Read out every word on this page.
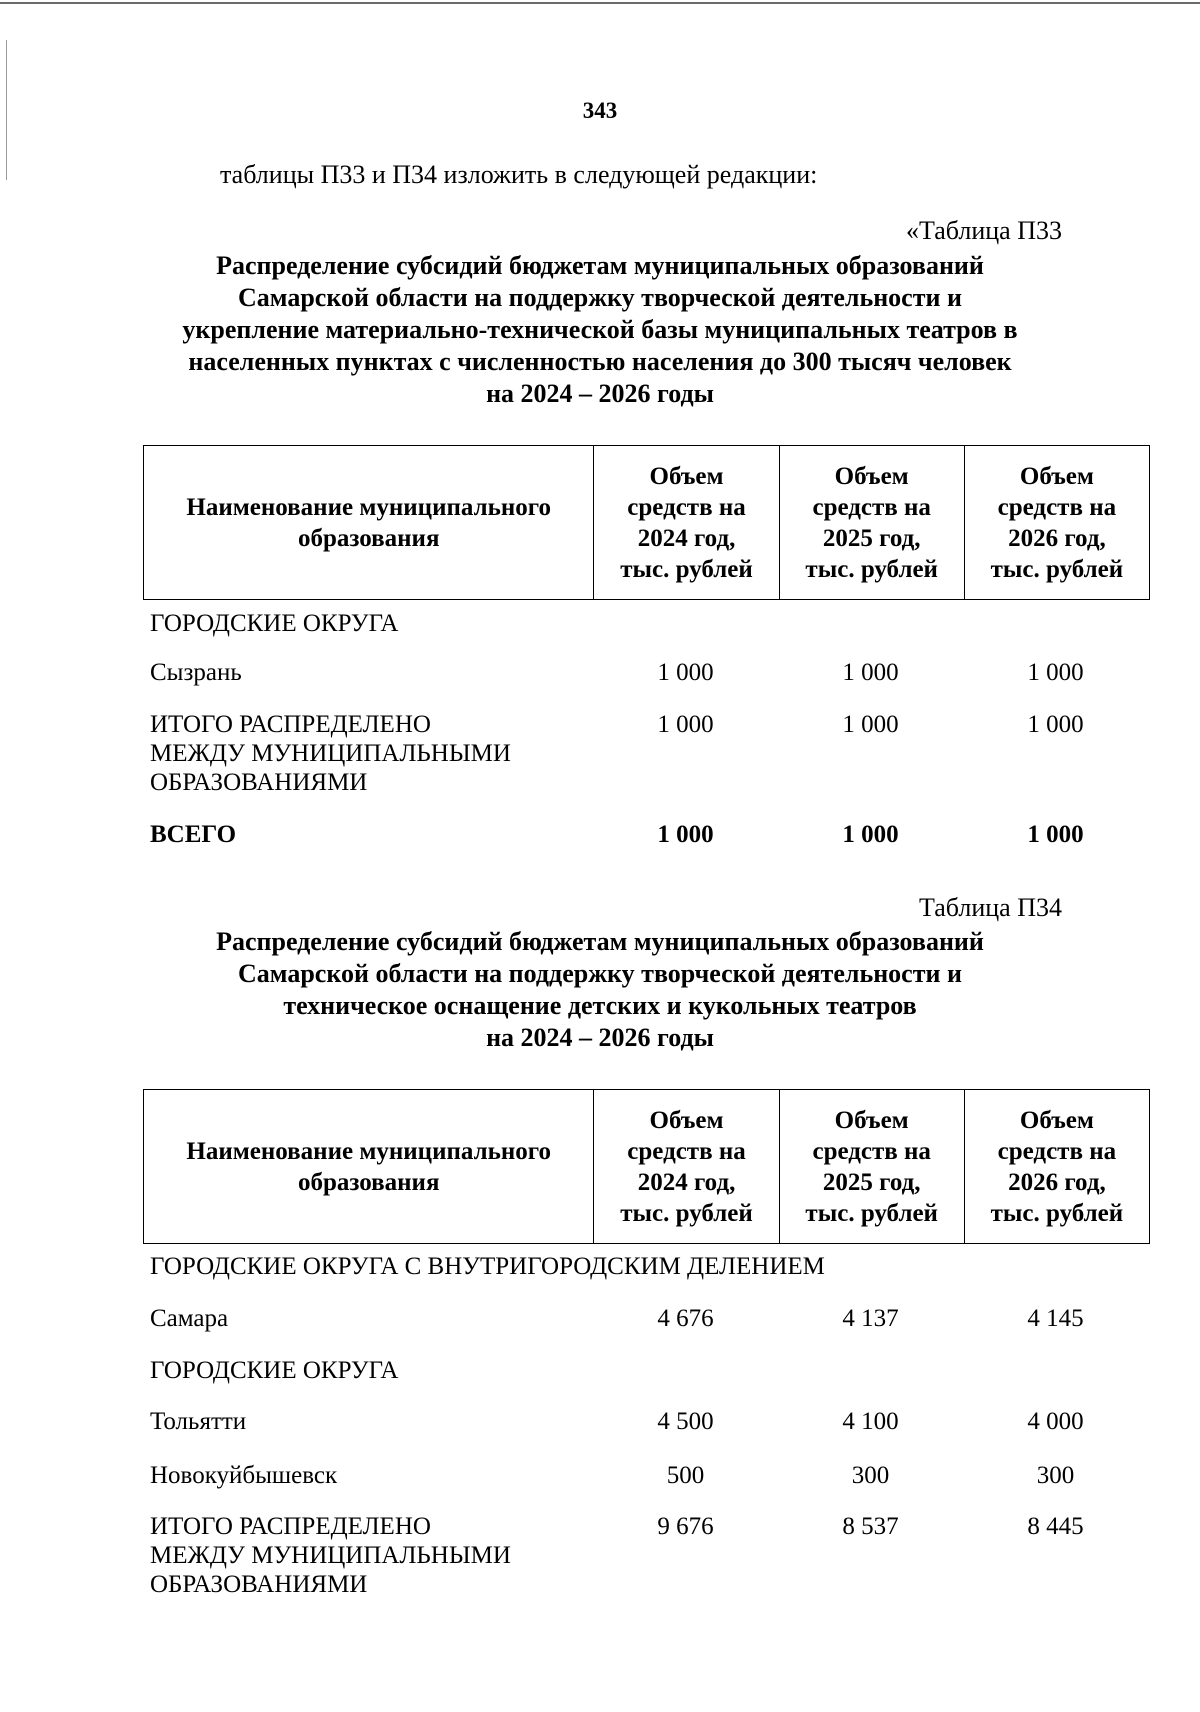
343
таблицы П33 и П34 изложить в следующей редакции:
«Таблица П33
Распределение субсидий бюджетам муниципальных образований
Самарской области на поддержку творческой деятельности и
укрепление материально-технической базы муниципальных театров в
населенных пунктах с численностью населения до 300 тысяч человек
на 2024 – 2026 годы
Наименование муниципального
образования

Объем
средств на
2024 год,
тыс. рублей

Объем
средств на
2025 год,
тыс. рублей

Объем
средств на
2026 год,
тыс. рублей
ГОРОДСКИЕ ОКРУГА
Сызрань	1 000	1 000	1 000
ИТОГО РАСПРЕДЕЛЕНО
МЕЖДУ МУНИЦИПАЛЬНЫМИ
ОБРАЗОВАНИЯМИ
1 000	1 000	1 000
ВСЕГО	1 000	1 000	1 000
Таблица П34
Распределение субсидий бюджетам муниципальных образований
Самарской области на поддержку творческой деятельности и
техническое оснащение детских и кукольных театров
на 2024 – 2026 годы
Наименование муниципального
образования

Объем
средств на
2024 год,
тыс. рублей

Объем
средств на
2025 год,
тыс. рублей

Объем
средств на
2026 год,
тыс. рублей
ГОРОДСКИЕ ОКРУГА С ВНУТРИГОРОДСКИМ ДЕЛЕНИЕМ
Самара	4 676	4 137	4 145
ГОРОДСКИЕ ОКРУГА
Тольятти	4 500	4 100	4 000
Новокуйбышевск	500	300	300
ИТОГО РАСПРЕДЕЛЕНО
МЕЖДУ МУНИЦИПАЛЬНЫМИ
ОБРАЗОВАНИЯМИ
9 676	8 537	8 445
